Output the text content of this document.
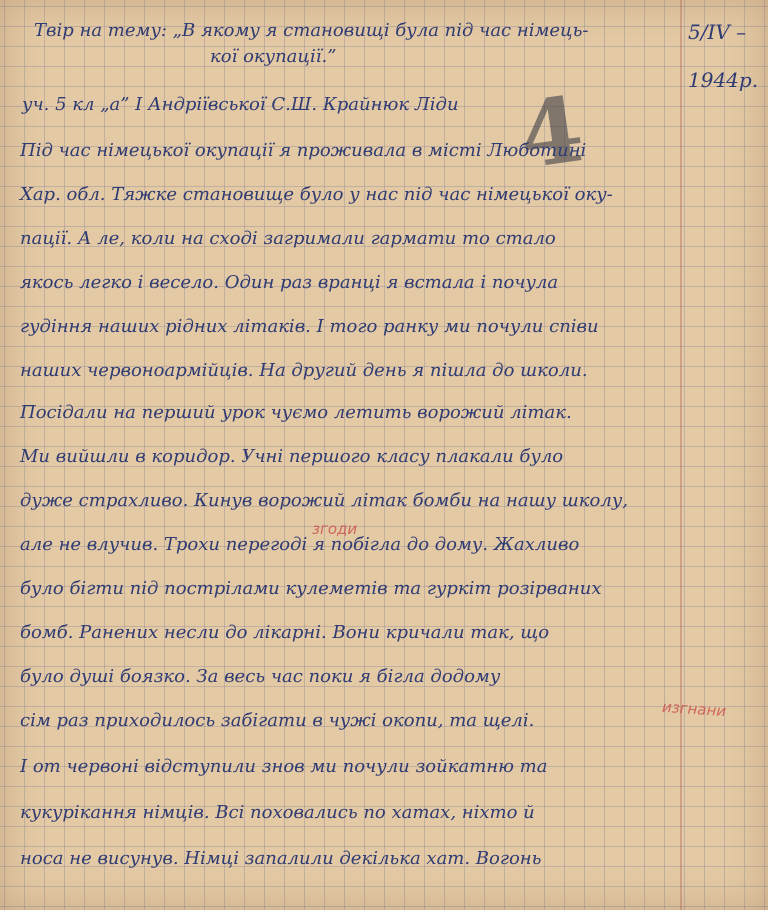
Твір на тему: „В якому я становищі була під час німець-
кої окупації.”
уч. 5 кл „а” I Андріївської С.Ш. Крайнюк Ліди
5/IV –
1944р.
4
Під час німецької окупації я проживала в місті Люботині
Хар. обл. Тяжке становище було у нас під час німецької оку-
пації. А ле, коли на сході загримали гармати то стало
якось легко і весело. Один раз вранці я встала і почула
гудіння наших рідних літаків. І того ранку ми почули співи
наших червоноармійців. На другий день я пішла до школи.
Посідали на перший урок чуємо летить ворожий літак.
Ми вийшли в коридор. Учні першого класу плакали було
дуже страхливо. Кинув ворожий літак бомби на нашу школу,
але не влучив. Трохи перегоді я побігла до дому. Жахливо
було бігти під пострілами кулеметів та гуркіт розірваних
бомб. Ранених несли до лікарні. Вони кричали так, що
було душі боязко. За весь час поки я бігла додому
сім раз приходилось забігати в чужі окопи, та щелі.
І от червоні відступили знов ми почули зойкатню та
кукурікання німців. Всі поховались по хатах, ніхто й
носа не висунув. Німці запалили декілька хат. Вогонь
згоди
изгнани
